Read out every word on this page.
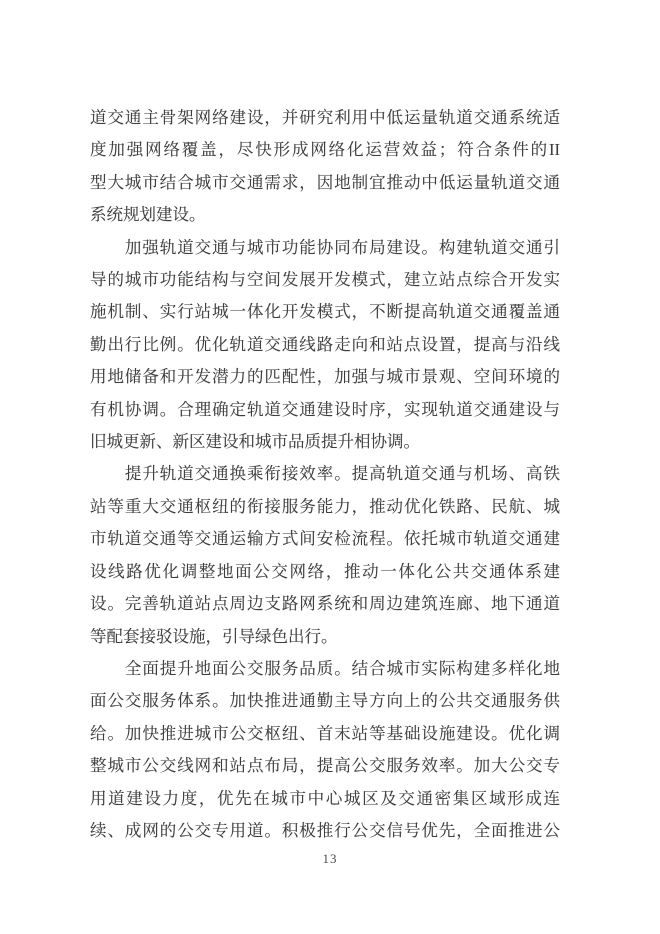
道交通主骨架网络建设，并研究利用中低运量轨道交通系统适
度加强网络覆盖，尽快形成网络化运营效益；符合条件的II
型大城市结合城市交通需求，因地制宜推动中低运量轨道交通
系统规划建设。
　　加强轨道交通与城市功能协同布局建设。构建轨道交通引
导的城市功能结构与空间发展开发模式，建立站点综合开发实
施机制、实行站城一体化开发模式，不断提高轨道交通覆盖通
勤出行比例。优化轨道交通线路走向和站点设置，提高与沿线
用地储备和开发潜力的匹配性，加强与城市景观、空间环境的
有机协调。合理确定轨道交通建设时序，实现轨道交通建设与
旧城更新、新区建设和城市品质提升相协调。
　　提升轨道交通换乘衔接效率。提高轨道交通与机场、高铁
站等重大交通枢纽的衔接服务能力，推动优化铁路、民航、城
市轨道交通等交通运输方式间安检流程。依托城市轨道交通建
设线路优化调整地面公交网络，推动一体化公共交通体系建
设。完善轨道站点周边支路网系统和周边建筑连廊、地下通道
等配套接驳设施，引导绿色出行。
　　全面提升地面公交服务品质。结合城市实际构建多样化地
面公交服务体系。加快推进通勤主导方向上的公共交通服务供
给。加快推进城市公交枢纽、首末站等基础设施建设。优化调
整城市公交线网和站点布局，提高公交服务效率。加大公交专
用道建设力度，优先在城市中心城区及交通密集区域形成连
续、成网的公交专用道。积极推行公交信号优先，全面推进公
13
